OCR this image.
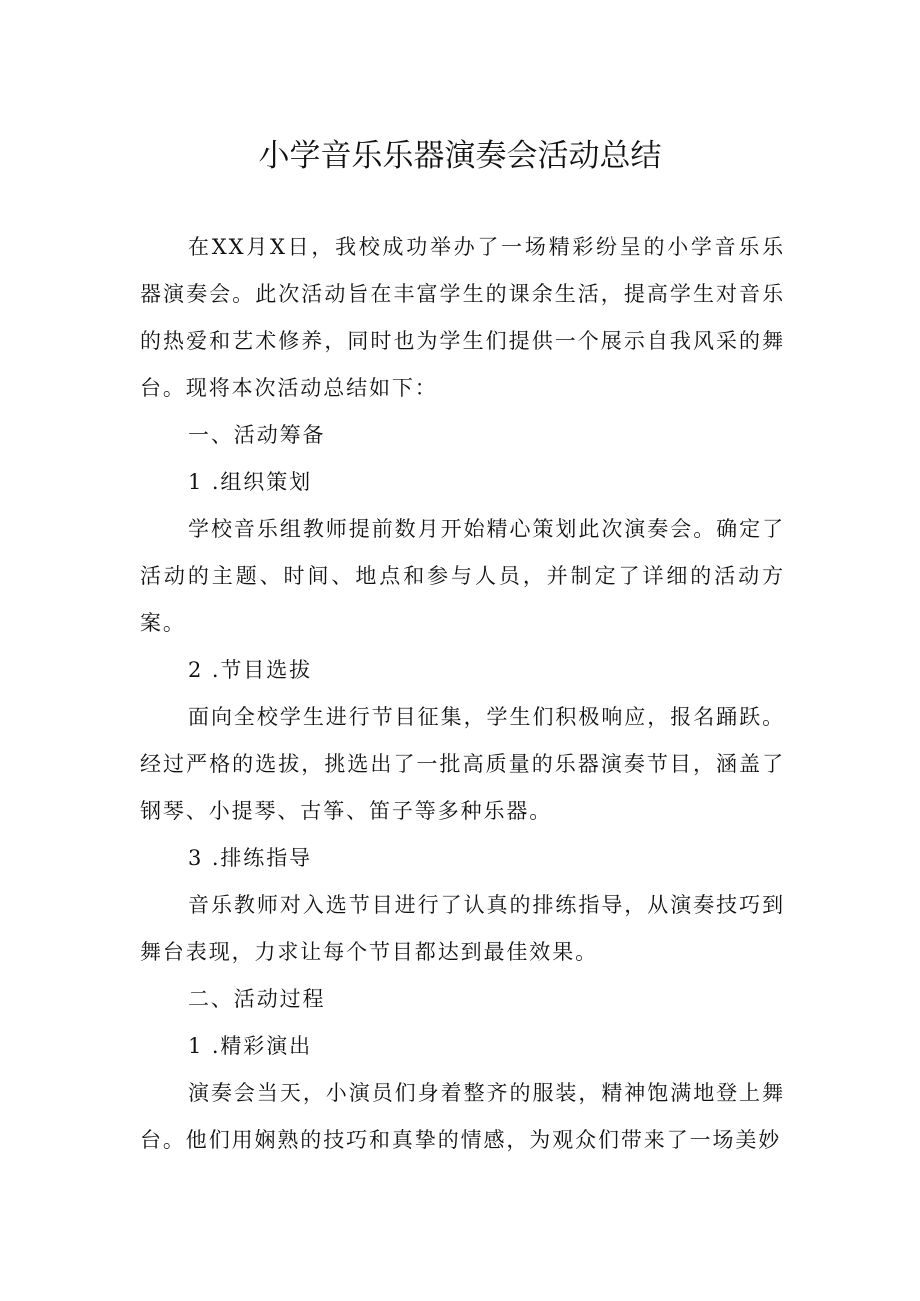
小学音乐乐器演奏会活动总结

在XX月X日，我校成功举办了一场精彩纷呈的小学音乐乐器演奏会。此次活动旨在丰富学生的课余生活，提高学生对音乐的热爱和艺术修养，同时也为学生们提供一个展示自我风采的舞台。现将本次活动总结如下：

一、活动筹备

1 .组织策划

学校音乐组教师提前数月开始精心策划此次演奏会。确定了活动的主题、时间、地点和参与人员，并制定了详细的活动方案。

2 .节目选拔

面向全校学生进行节目征集，学生们积极响应，报名踊跃。经过严格的选拔，挑选出了一批高质量的乐器演奏节目，涵盖了钢琴、小提琴、古筝、笛子等多种乐器。

3 .排练指导

音乐教师对入选节目进行了认真的排练指导，从演奏技巧到舞台表现，力求让每个节目都达到最佳效果。

二、活动过程

1 .精彩演出

演奏会当天，小演员们身着整齐的服装，精神饱满地登上舞台。他们用娴熟的技巧和真挚的情感，为观众们带来了一场美妙
